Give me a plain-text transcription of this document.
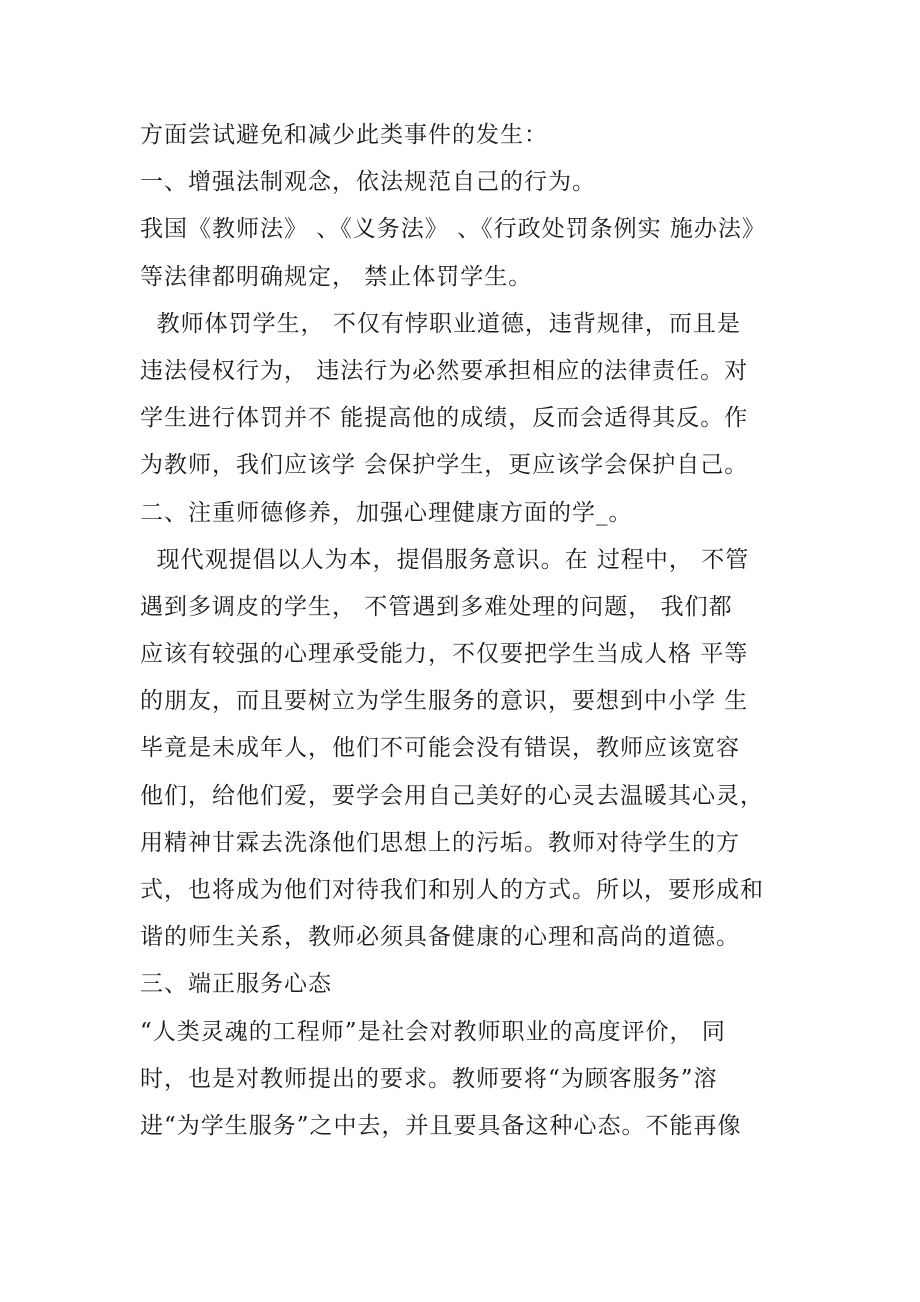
方面尝试避免和减少此类事件的发生：
一、增强法制观念，依法规范自己的行为。
我国《教师法》 、《义务法》 、《行政处罚条例实 施办法》
等法律都明确规定， 禁止体罚学生。
教师体罚学生， 不仅有悖职业道德，违背规律，而且是
违法侵权行为， 违法行为必然要承担相应的法律责任。对
学生进行体罚并不 能提高他的成绩，反而会适得其反。作
为教师，我们应该学 会保护学生，更应该学会保护自己。
二、注重师德修养，加强心理健康方面的学_。
现代观提倡以人为本，提倡服务意识。在 过程中， 不管
遇到多调皮的学生， 不管遇到多难处理的问题， 我们都
应该有较强的心理承受能力，不仅要把学生当成人格 平等
的朋友，而且要树立为学生服务的意识，要想到中小学 生
毕竟是未成年人，他们不可能会没有错误，教师应该宽容
他们，给他们爱，要学会用自己美好的心灵去温暖其心灵，
用精神甘霖去洗涤他们思想上的污垢。教师对待学生的方
式，也将成为他们对待我们和别人的方式。所以，要形成和
谐的师生关系，教师必须具备健康的心理和高尚的道德。
三、端正服务心态
“人类灵魂的工程师”是社会对教师职业的高度评价， 同
时，也是对教师提出的要求。教师要将“为顾客服务”溶
进“为学生服务”之中去，并且要具备这种心态。不能再像
